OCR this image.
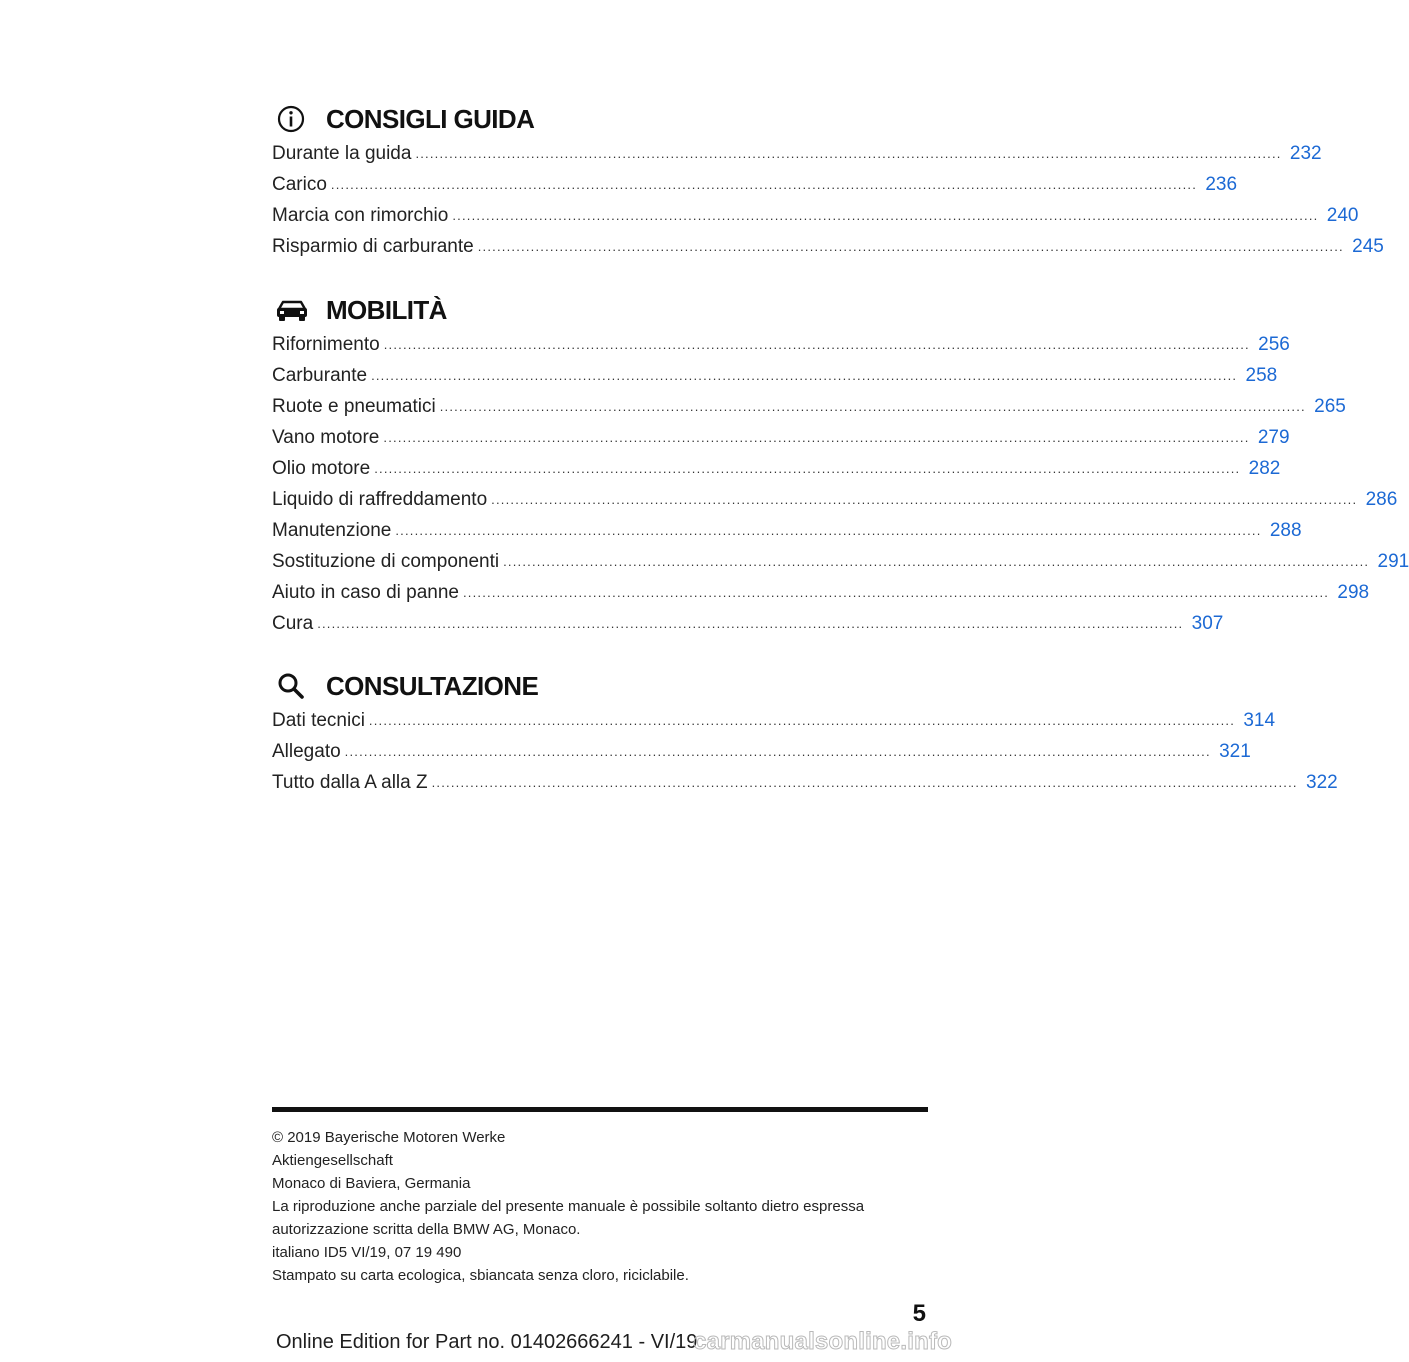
CONSIGLI GUIDA
Durante la guida .................................................................................................................................................................................... 232
Carico .................................................................................................................................................................................... 236
Marcia con rimorchio .................................................................................................................................................................................... 240
Risparmio di carburante .................................................................................................................................................................................... 245
MOBILITÀ
Rifornimento .................................................................................................................................................................................... 256
Carburante .................................................................................................................................................................................... 258
Ruote e pneumatici .................................................................................................................................................................................... 265
Vano motore .................................................................................................................................................................................... 279
Olio motore .................................................................................................................................................................................... 282
Liquido di raffreddamento .................................................................................................................................................................................... 286
Manutenzione .................................................................................................................................................................................... 288
Sostituzione di componenti .................................................................................................................................................................................... 291
Aiuto in caso di panne .................................................................................................................................................................................... 298
Cura .................................................................................................................................................................................... 307
CONSULTAZIONE
Dati tecnici .................................................................................................................................................................................... 314
Allegato .................................................................................................................................................................................... 321
Tutto dalla A alla Z .................................................................................................................................................................................... 322
© 2019 Bayerische Motoren Werke
Aktiengesellschaft
Monaco di Baviera, Germania
La riproduzione anche parziale del presente manuale è possibile soltanto dietro espressa
autorizzazione scritta della BMW AG, Monaco.
italiano ID5 VI/19, 07 19 490
Stampato su carta ecologica, sbiancata senza cloro, riciclabile.
5
Online Edition for Part no. 01402666241 - VI/19
carmanualsonline.info
